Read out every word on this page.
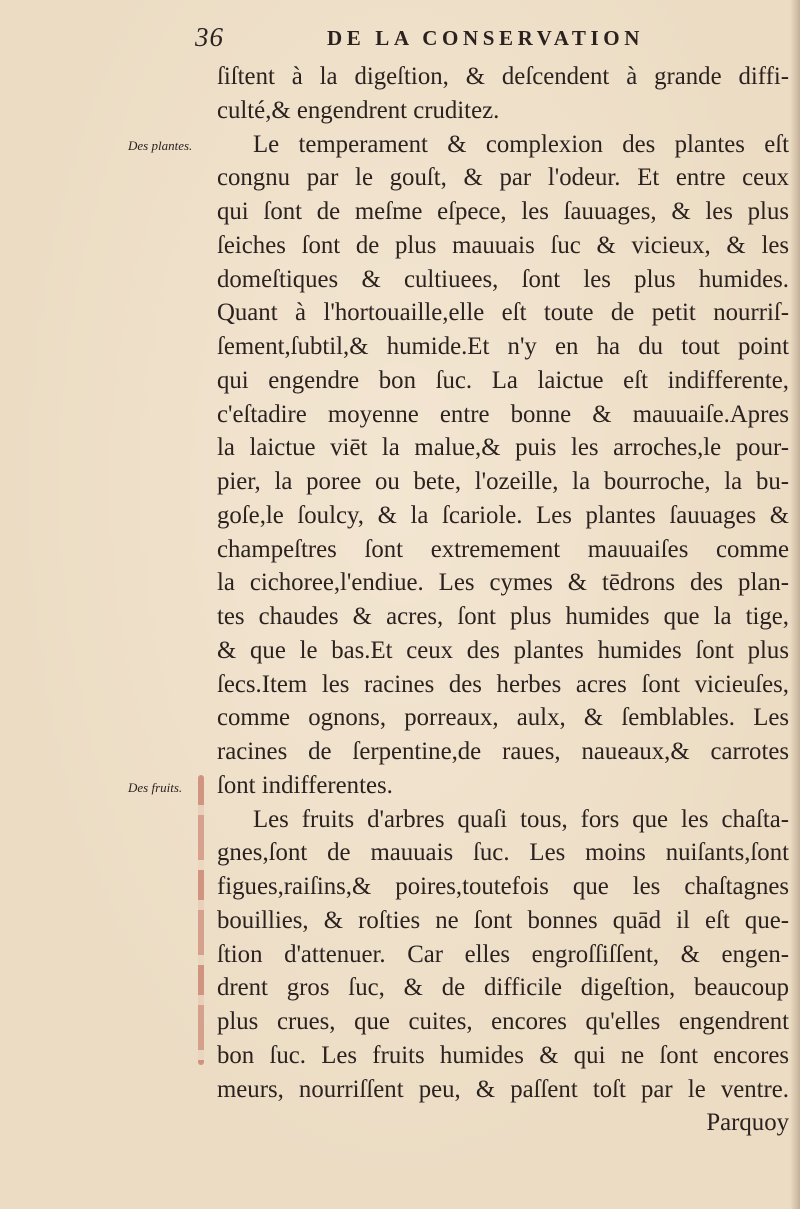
36	DE LA CONSERVATION
Des plantes.
Des fruits.
ſiſtent à la digeſtion, & deſcendent à grande diffi-
culté,& engendrent cruditez.
Le temperament & complexion des plantes eſt
congnu par le gouſt, & par l'odeur. Et entre ceux
qui ſont de meſme eſpece, les ſauuages, & les plus
ſeiches ſont de plus mauuais ſuc & vicieux, & les
domeſtiques & cultiuees, ſont les plus humides.
Quant à l'hortouaille,elle eſt toute de petit nourriſ-
ſement,ſubtil,& humide.Et n'y en ha du tout point
qui engendre bon ſuc. La laictue eſt indifferente,
c'eſtadire moyenne entre bonne & mauuaiſe.Apres
la laictue viēt la malue,& puis les arroches,le pour-
pier, la poree ou bete, l'ozeille, la bourroche, la bu-
goſe,le ſoulcy, & la ſcariole. Les plantes ſauuages &
champeſtres ſont extremement mauuaiſes comme
la cichoree,l'endiue. Les cymes & tēdrons des plan-
tes chaudes & acres, ſont plus humides que la tige,
& que le bas.Et ceux des plantes humides ſont plus
ſecs.Item les racines des herbes acres ſont vicieuſes,
comme ognons, porreaux, aulx, & ſemblables. Les
racines de ſerpentine,de raues, naueaux,& carrotes
ſont indifferentes.
Les fruits d'arbres quaſi tous, fors que les chaſta-
gnes,ſont de mauuais ſuc. Les moins nuiſants,ſont
figues,raiſins,& poires,toutefois que les chaſtagnes
bouillies, & roſties ne ſont bonnes quād il eſt que-
ſtion d'attenuer. Car elles engroſſiſſent, & engen-
drent gros ſuc, & de difficile digeſtion, beaucoup
plus crues, que cuites, encores qu'elles engendrent
bon ſuc. Les fruits humides & qui ne ſont encores
meurs, nourriſſent peu, & paſſent toſt par le ventre.
Parquoy
